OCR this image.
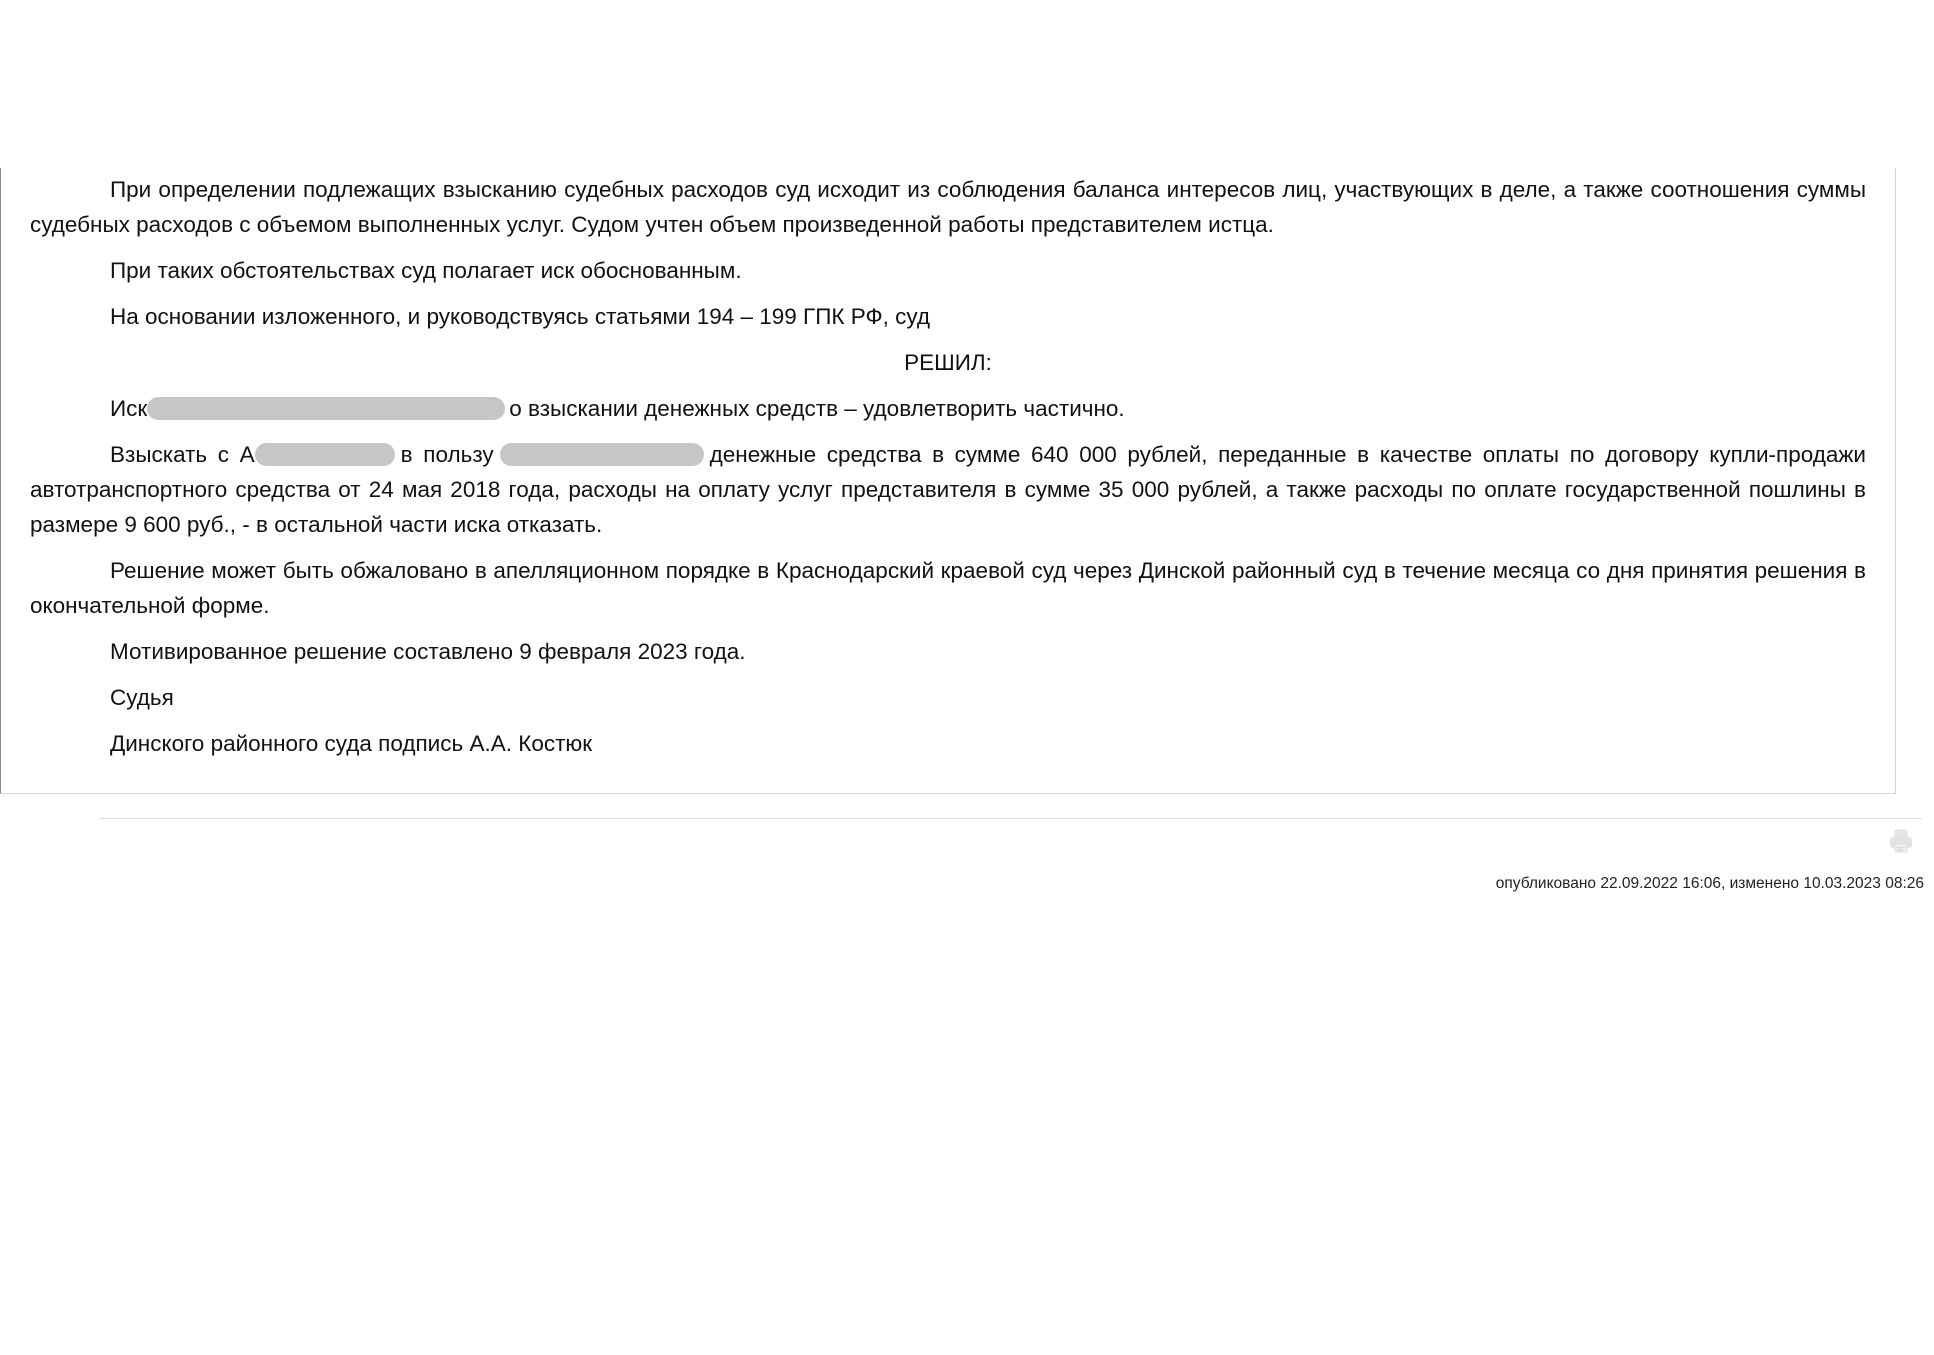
При определении подлежащих взысканию судебных расходов суд исходит из соблюдения баланса интересов лиц, участвующих в деле, а также соотношения суммы судебных расходов с объемом выполненных услуг. Судом учтен объем произведенной работы представителем истца.

При таких обстоятельствах суд полагает иск обоснованным.

На основании изложенного, и руководствуясь статьями 194 – 199 ГПК РФ, суд

РЕШИЛ:

Иск	о взыскании денежных средств – удовлетворить частично.

Взыскать с А	в пользу	денежные средства в сумме 640 000 рублей, переданные в качестве оплаты по договору купли-продажи автотранспортного средства от 24 мая 2018 года, расходы на оплату услуг представителя в сумме 35 000 рублей, а также расходы по оплате государственной пошлины в размере 9 600 руб., - в остальной части иска отказать.

Решение может быть обжаловано в апелляционном порядке в Краснодарский краевой суд через Динской районный суд в течение месяца со дня принятия решения в окончательной форме.

Мотивированное решение составлено 9 февраля 2023 года.

Судья

Динского районного суда подпись А.А. Костюк

опубликовано 22.09.2022 16:06, изменено 10.03.2023 08:26
